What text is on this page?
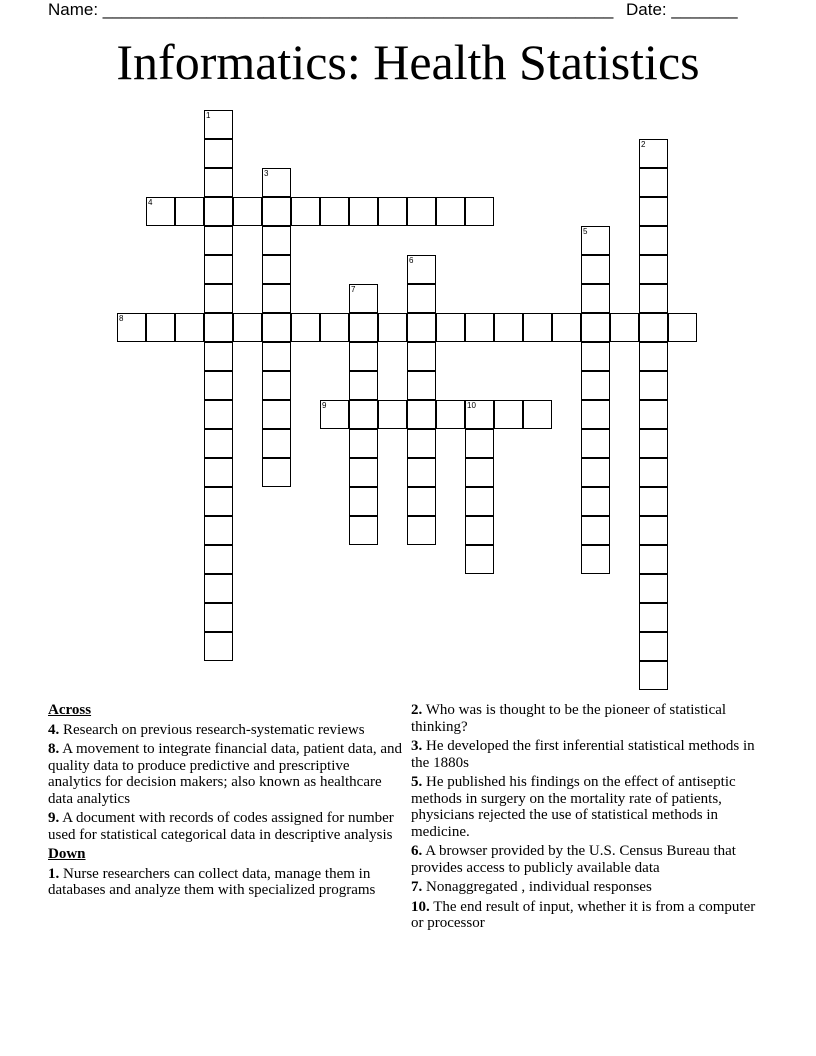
Name: ______________________________________________________ Date: _______
Informatics: Health Statistics
1
2
3
4
5
6
7
8
9	10
Across
4. Research on previous research-systematic reviews
8. A movement to integrate financial data, patient data, and quality data to produce predictive and prescriptive analytics for decision makers; also known as healthcare data analytics
9. A document with records of codes assigned for number used for statistical categorical data in descriptive analysis
Down
1. Nurse researchers can collect data, manage them in databases and analyze them with specialized programs
2. Who was is thought to be the pioneer of statistical thinking?
3. He developed the first inferential statistical methods in the 1880s
5. He published his findings on the effect of antiseptic methods in surgery on the mortality rate of patients, physicians rejected the use of statistical methods in medicine.
6. A browser provided by the U.S. Census Bureau that provides access to publicly available data
7. Nonaggregated , individual responses
10. The end result of input, whether it is from a computer or processor
